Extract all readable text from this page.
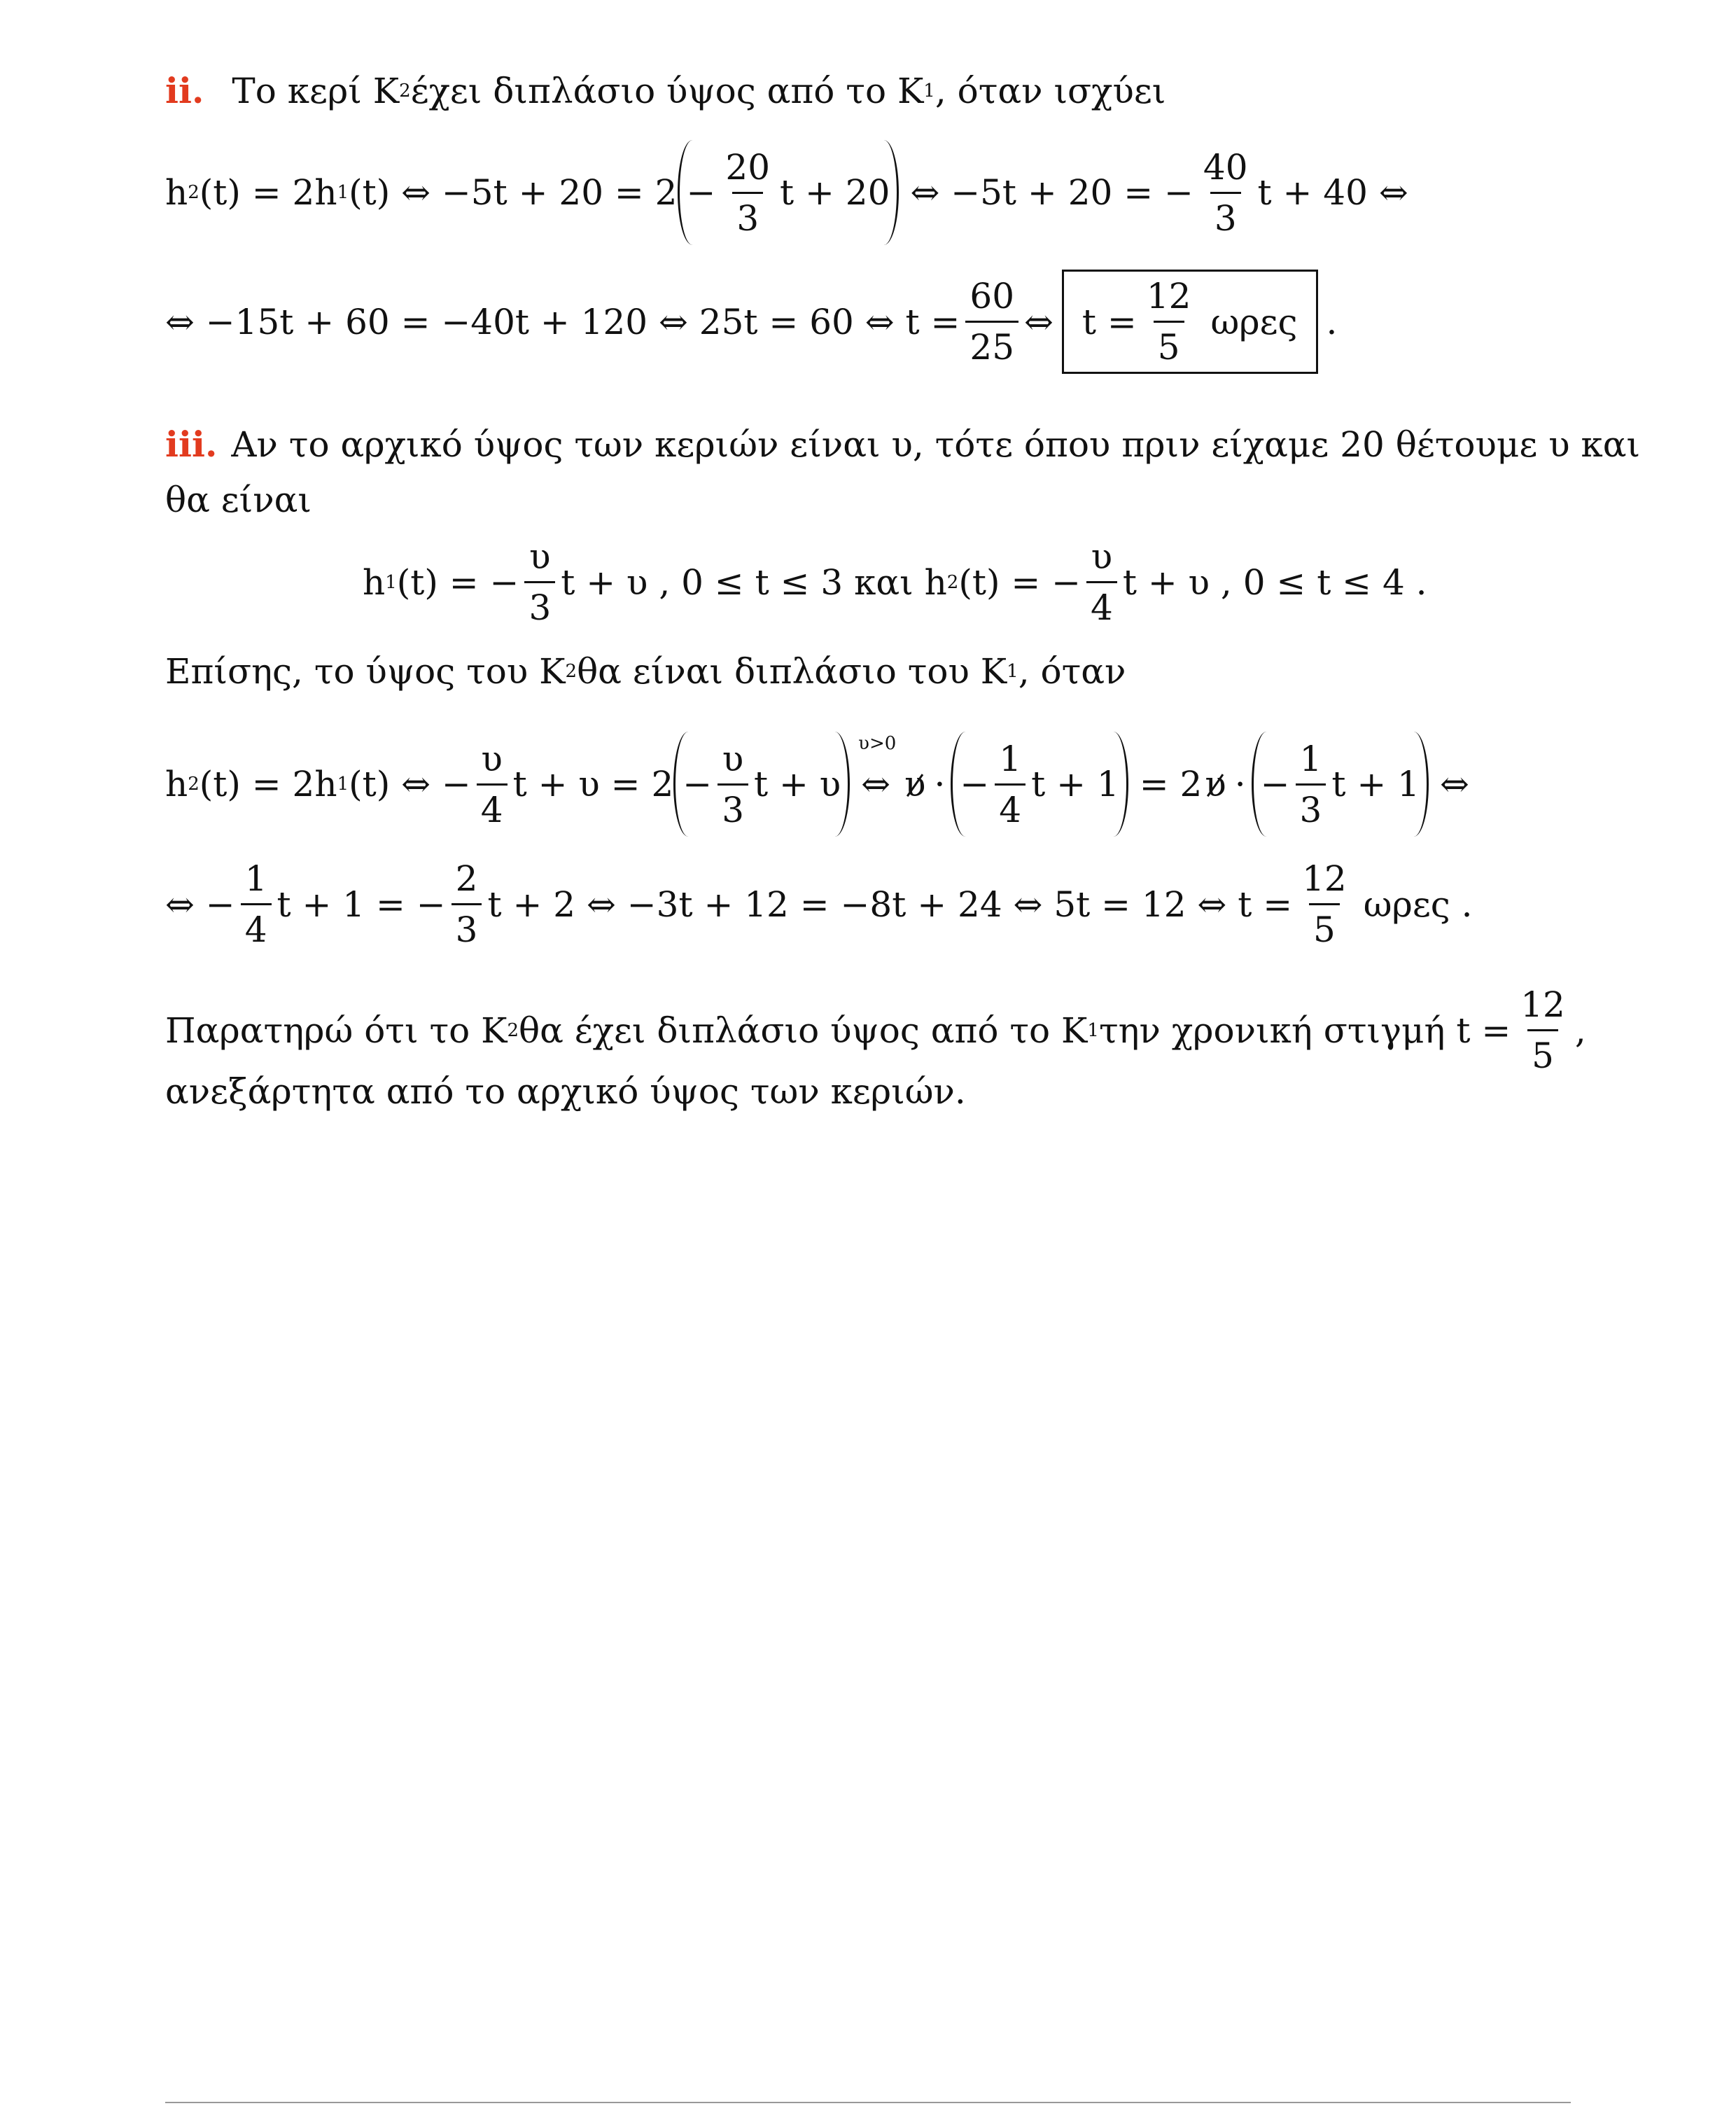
ii. Το κερί K 2 έχει διπλάσιο ύψος από το K 1 , όταν ισχύει
h 2 (t) = 2h 1 (t) ⇔ $-5t + 20 = 2 - \frac{20}{3}$ t + 20 ⇔ −5t + 20 = − $\frac{40}{3}$ t + 40 ⇔
⇔ −15t + 60 = −40t + 120 ⇔ 25t = 60 ⇔ $t = \frac{60}{25}$ ⇔ $t = \frac{12}{5}$ ωρες .
iii. Αν το αρχικό ύψος των κεριών είναι υ, τότε όπου πριν είχαμε 20 θέτουμε υ και
θα είναι
h 1 (t) = − $\frac{\upsilon}{3}$ t + υ , 0 ≤ t ≤ 3 και h 2 (t) = − $\frac{\upsilon}{4}$ t + υ , 0 ≤ t ≤ 4 .
Επίσης, το ύψος του K 2 θα είναι διπλάσιο του K 1 , όταν
h 2 (t) = 2h 1 (t) ⇔ − $\frac{\upsilon}{4}$ $t + \upsilon = 2 - \frac{\upsilon}{3}$ t + υ
υ>0
⇔ υ · − $\frac{1}{4}$ t + 1 = 2 υ · − $\frac{1}{3}$ t + 1 ⇔
⇔ − $\frac{1}{4}$ t + 1 = − $\frac{2}{3}$ t + 2 ⇔ −3t + 12 = −8t + 24 ⇔ 5t = 12 ⇔ $t = \frac{12}{5}$ ωρες .
Παρατηρώ ότι το K 2 θα έχει διπλάσιο ύψος από το K 1 την χρονική στιγμή $t = \frac{12}{5}$ ,
ανεξάρτητα από το αρχικό ύψος των κεριών.
